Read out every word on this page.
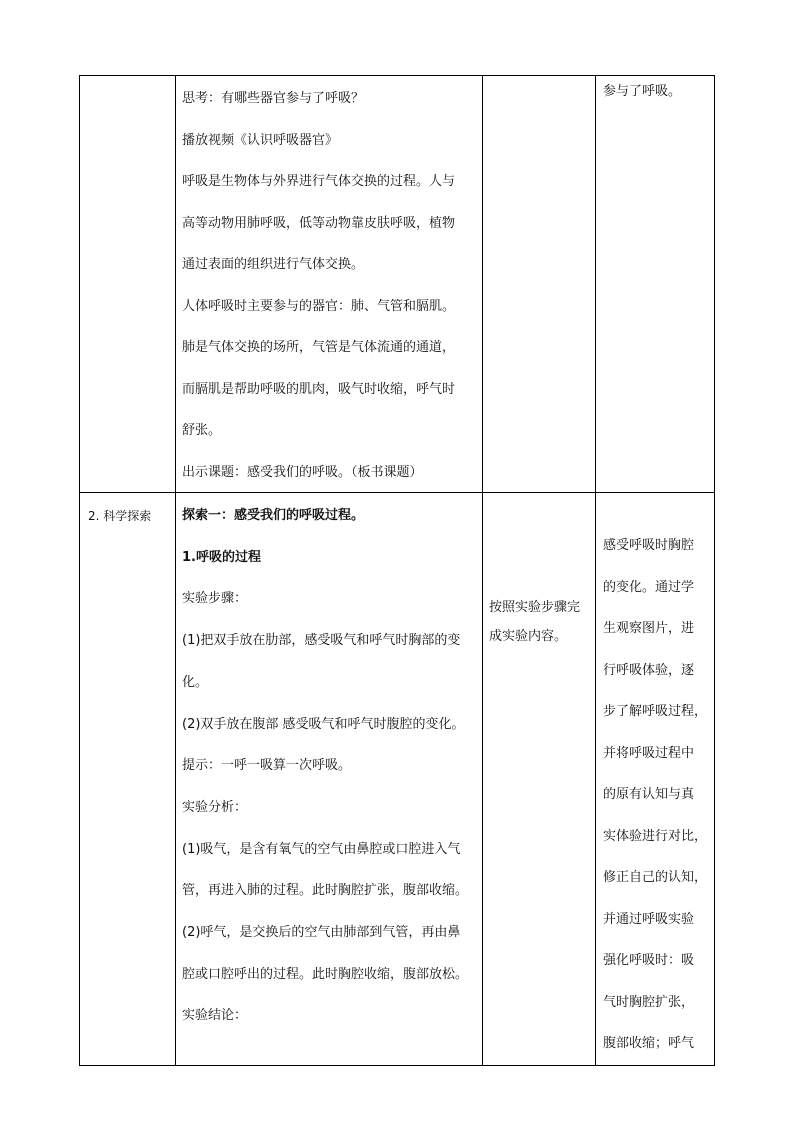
思考：有哪些器官参与了呼吸？

播放视频《认识呼吸器官》

呼吸是生物体与外界进行气体交换的过程。人与

高等动物用肺呼吸，低等动物靠皮肤呼吸，植物

通过表面的组织进行气体交换。

人体呼吸时主要参与的器官：肺、气管和膈肌。

肺是气体交换的场所，气管是气体流通的通道，

而膈肌是帮助呼吸的肌肉，吸气时收缩，呼气时

舒张。

出示课题：感受我们的呼吸。（板书课题）

参与了呼吸。

2. 科学探索	探索一：感受我们的呼吸过程。

1.呼吸的过程

实验步骤：

(1)把双手放在肋部，感受吸气和呼气时胸部的变

化。

(2)双手放在腹部 感受吸气和呼气时腹腔的变化。

提示：一呼一吸算一次呼吸。

实验分析：

(1)吸气，是含有氧气的空气由鼻腔或口腔进入气

管，再进入肺的过程。此时胸腔扩张，腹部收缩。

(2)呼气，是交换后的空气由肺部到气管，再由鼻

腔或口腔呼出的过程。此时胸腔收缩，腹部放松。

实验结论：

按照实验步骤完

成实验内容。

感受呼吸时胸腔

的变化。通过学

生观察图片，进

行呼吸体验，逐

步了解呼吸过程，

并将呼吸过程中

的原有认知与真

实体验进行对比，

修正自己的认知，

并通过呼吸实验

强化呼吸时：吸

气时胸腔扩张，

腹部收缩；呼气
